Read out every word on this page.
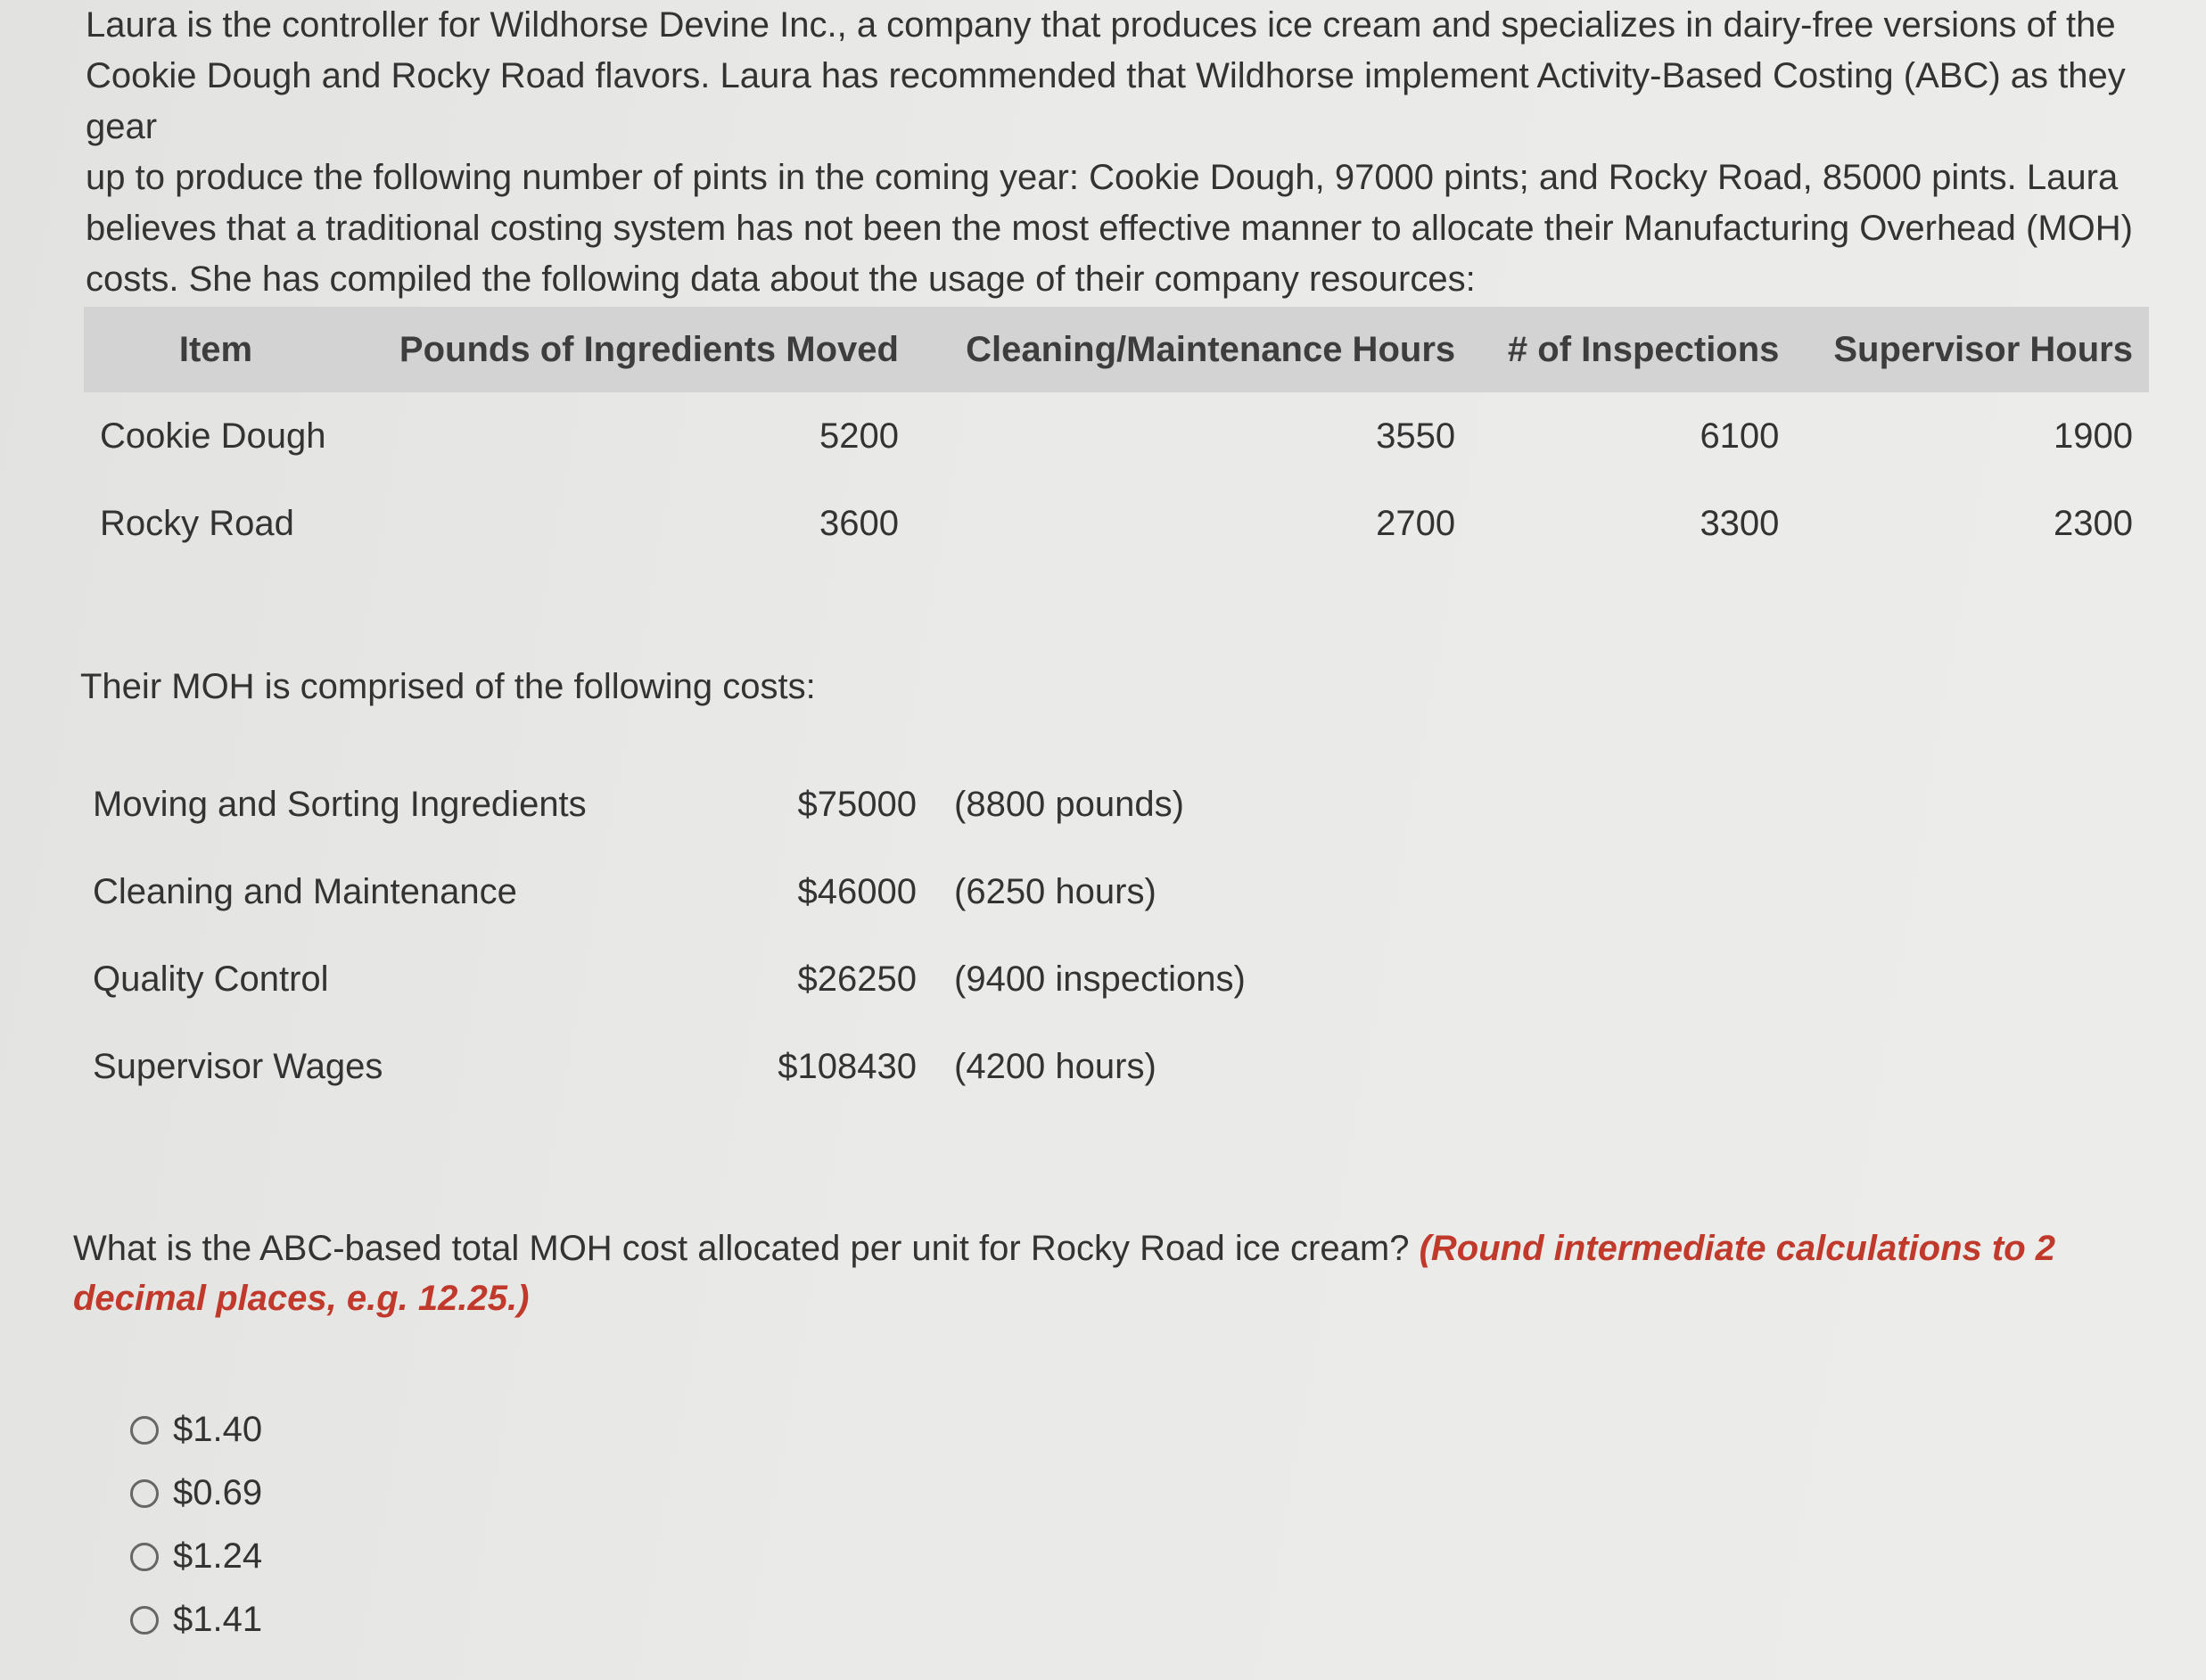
Laura is the controller for Wildhorse Devine Inc., a company that produces ice cream and specializes in dairy-free versions of the

Cookie Dough and Rocky Road flavors. Laura has recommended that Wildhorse implement Activity-Based Costing (ABC) as they gear

up to produce the following number of pints in the coming year: Cookie Dough, 97000 pints; and Rocky Road, 85000 pints. Laura

believes that a traditional costing system has not been the most effective manner to allocate their Manufacturing Overhead (MOH)

costs. She has compiled the following data about the usage of their company resources:

Item	Pounds of Ingredients Moved	Cleaning/Maintenance Hours	# of Inspections	Supervisor Hours
Cookie Dough	5200	3550	6100	1900
Rocky Road	3600	2700	3300	2300
Their MOH is comprised of the following costs:
Moving and Sorting Ingredients	$75000 (8800 pounds)
Cleaning and Maintenance	$46000 (6250 hours)
Quality Control	$26250 (9400 inspections)
Supervisor Wages	$108430 (4200 hours)
What is the ABC-based total MOH cost allocated per unit for Rocky Road ice cream? (Round intermediate calculations to 2 decimal places, e.g. 12.25.)
$1.40
$0.69
$1.24
$1.41
